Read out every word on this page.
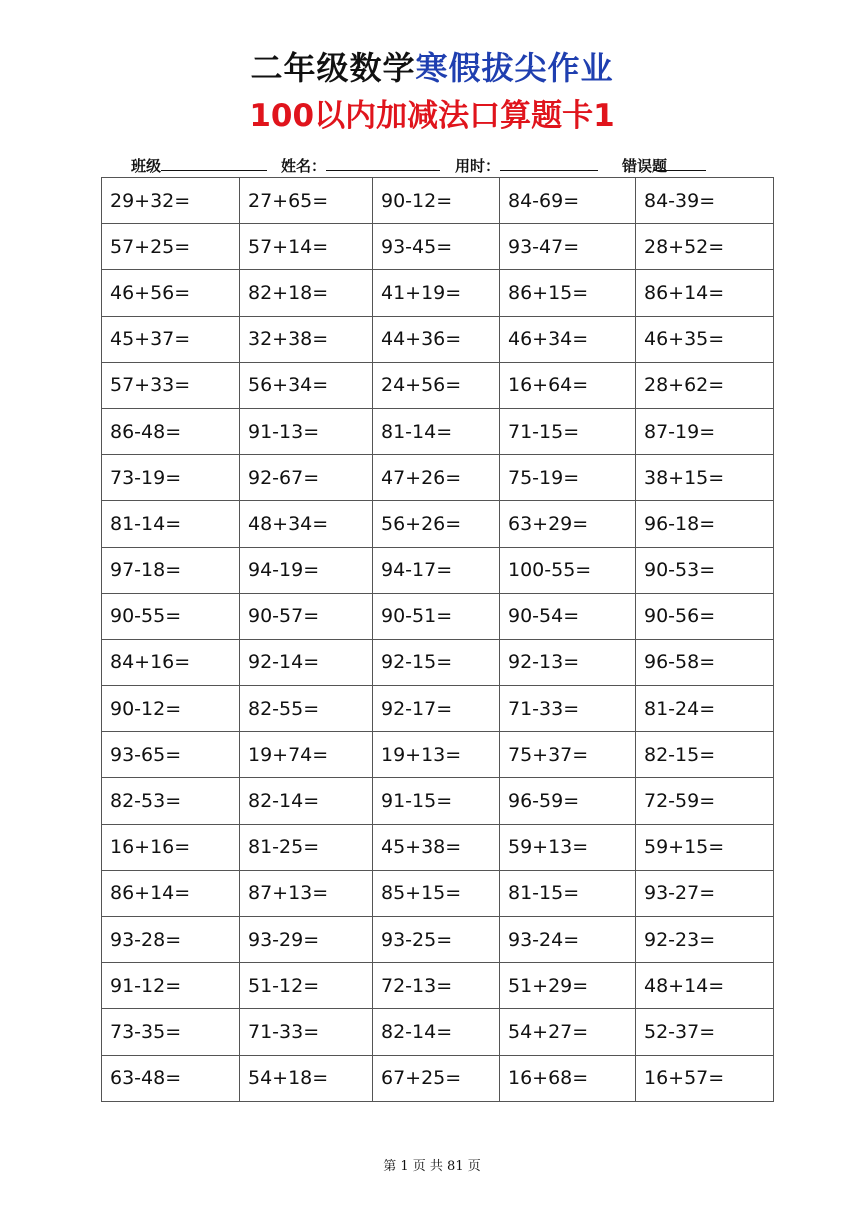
二年级数学寒假拔尖作业
100以内加减法口算题卡1
班级	姓名：	用时：	错误
题
29+32=	27+65=	90-12=	84-69=	84-39=
57+25=	57+14=	93-45=	93-47=	28+52=
46+56=	82+18=	41+19=	86+15=	86+14=
45+37=	32+38=	44+36=	46+34=	46+35=
57+33=	56+34=	24+56=	16+64=	28+62=
86-48=	91-13=	81-14=	71-15=	87-19=
73-19=	92-67=	47+26=	75-19=	38+15=
81-14=	48+34=	56+26=	63+29=	96-18=
97-18=	94-19=	94-17=	100-55=	90-53=
90-55=	90-57=	90-51=	90-54=	90-56=
84+16=	92-14=	92-15=	92-13=	96-58=
90-12=	82-55=	92-17=	71-33=	81-24=
93-65=	19+74=	19+13=	75+37=	82-15=
82-53=	82-14=	91-15=	96-59=	72-59=
16+16=	81-25=	45+38=	59+13=	59+15=
86+14=	87+13=	85+15=	81-15=	93-27=
93-28=	93-29=	93-25=	93-24=	92-23=
91-12=	51-12=	72-13=	51+29=	48+14=
73-35=	71-33=	82-14=	54+27=	52-37=
63-48=	54+18=	67+25=	16+68=	16+57=
第 1 页 共 81 页
